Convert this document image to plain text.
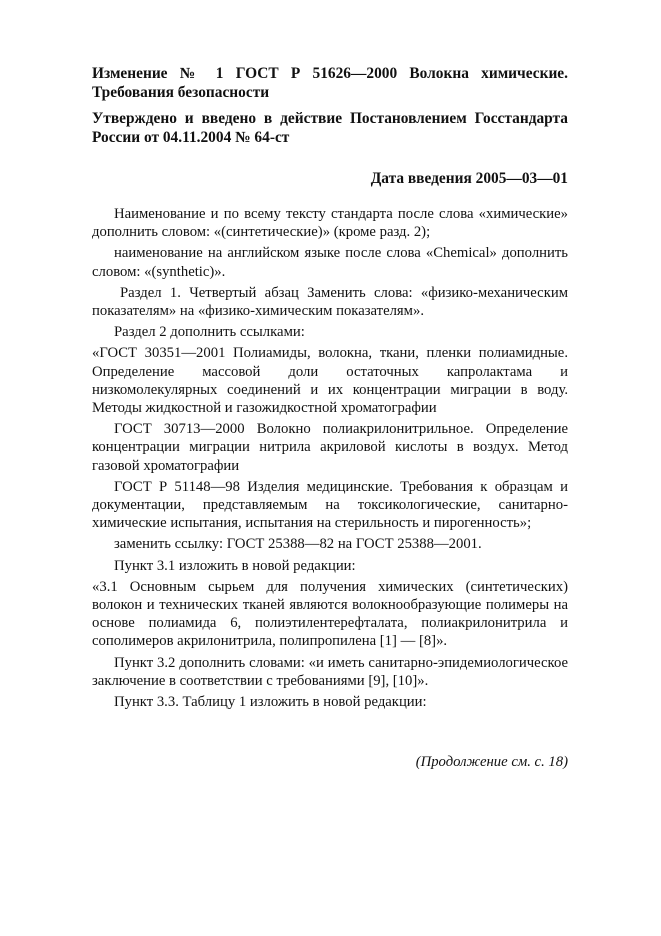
Изменение № 1 ГОСТ Р 51626—2000 Волокна химические. Требования безопасности

Утверждено и введено в действие Постановлением Госстандарта России от 04.11.2004 № 64-ст

Дата введения 2005—03—01

Наименование и по всему тексту стандарта после слова «химические» дополнить словом: «(синтетические)» (кроме разд. 2);

наименование на английском языке после слова «Chemical» дополнить словом: «(synthetic)».

Раздел 1. Четвертый абзац Заменить слова: «физико-механическим показателям» на «физико-химическим показателям».

Раздел 2 дополнить ссылками:

«ГОСТ 30351—2001 Полиамиды, волокна, ткани, пленки полиамидные. Определение массовой доли остаточных капролактама и низкомолекулярных соединений и их концентрации миграции в воду. Методы жидкостной и газожидкостной хроматографии

ГОСТ 30713—2000 Волокно полиакрилонитрильное. Определение концентрации миграции нитрила акриловой кислоты в воздух. Метод газовой хроматографии

ГОСТ Р 51148—98 Изделия медицинские. Требования к образцам и документации, представляемым на токсикологические, санитарно-химические испытания, испытания на стерильность и пирогенность»;

заменить ссылку: ГОСТ 25388—82 на ГОСТ 25388—2001.

Пункт 3.1 изложить в новой редакции:

«3.1 Основным сырьем для получения химических (синтетических) волокон и технических тканей являются волокнообразующие полимеры на основе полиамида 6, полиэтилентерефталата, полиакрилонитрила и сополимеров акрилонитрила, полипропилена [1] — [8]».

Пункт 3.2 дополнить словами: «и иметь санитарно-эпидемиологическое заключение в соответствии с требованиями [9], [10]».

Пункт 3.3. Таблицу 1 изложить в новой редакции:

(Продолжение см. с. 18)
